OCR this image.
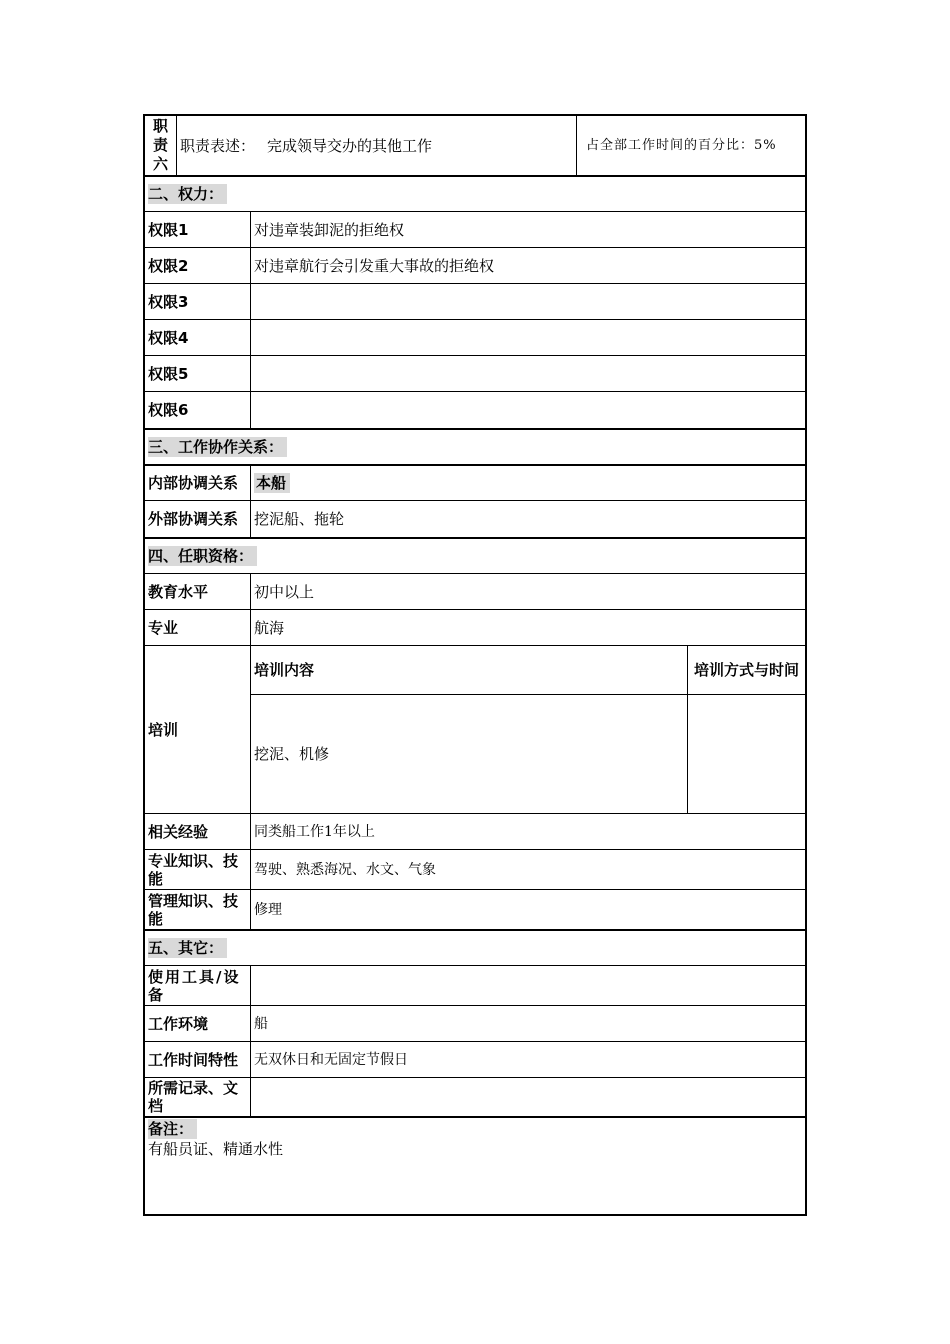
职责六
职责表述： 完成领导交办的其他工作	占全部工作时间的百分比：5%
二、权力：
权限1	对违章装卸泥的拒绝权
权限2	对违章航行会引发重大事故的拒绝权
权限3
权限4
权限5
权限6
三、工作协作关系：
内部协调关系	本船
外部协调关系	挖泥船、拖轮
四、任职资格：
教育水平	初中以上
专业	航海
培训
培训内容	培训方式与时间
挖泥、机修
相关经验	同类船工作1年以上
专业知识、技能	驾驶、熟悉海况、水文、气象
管理知识、技能	修理
五、其它：
使用工具/设备
工作环境	船
工作时间特性	无双休日和无固定节假日
所需记录、文档
备注：
有船员证、精通水性
